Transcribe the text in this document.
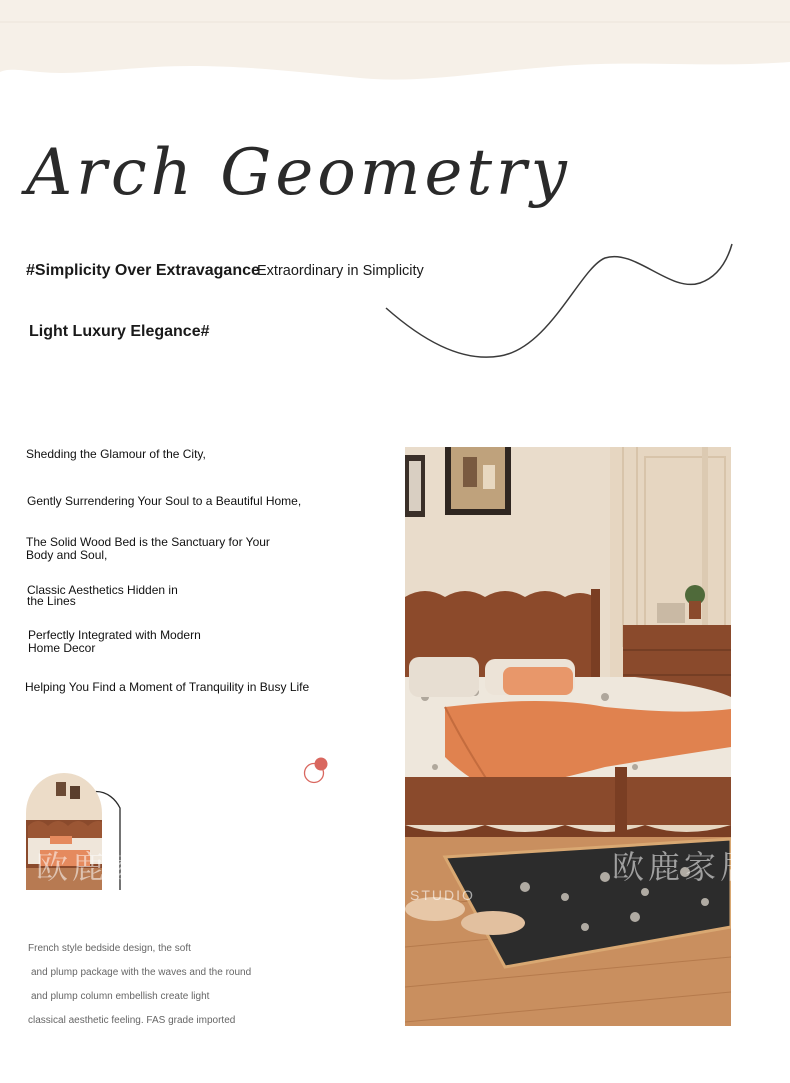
Arch Geometry
#Simplicity Over Extravagance
Extraordinary in Simplicity
Light Luxury Elegance#
Shedding the Glamour of the City,
Gently Surrendering Your Soul to a Beautiful Home,
The Solid Wood Bed is the Sanctuary for Your
Body and Soul,
Classic Aesthetics Hidden in
the Lines
Perfectly Integrated with Modern
Home Decor
Helping You Find a Moment of Tranquility in Busy Life
French style bedside design, the soft
and plump package with the waves and the round
and plump column embellish create light
classical aesthetic feeling. FAS grade imported
欧鹿家居	欧鹿家居
STUDIO
